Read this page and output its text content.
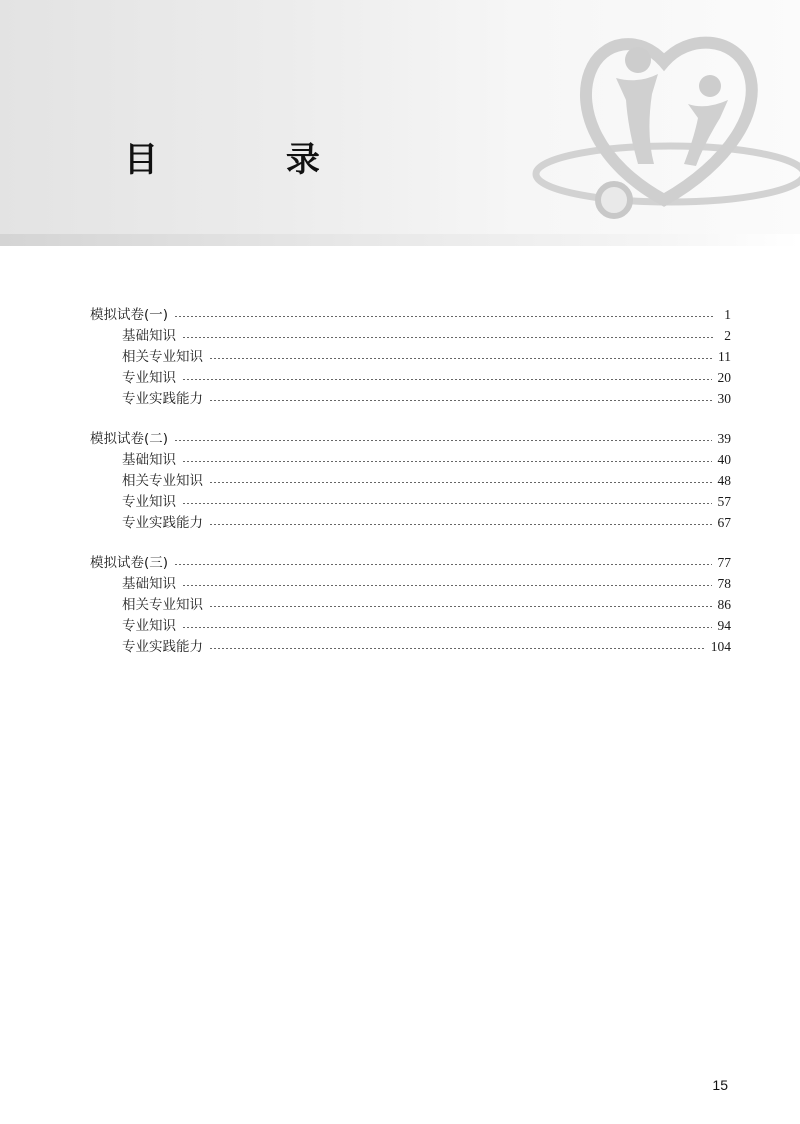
目 录
模拟试卷(一)	1
基础知识	2
相关专业知识	11
专业知识	20
专业实践能力	30
模拟试卷(二)	39
基础知识	40
相关专业知识	48
专业知识	57
专业实践能力	67
模拟试卷(三)	77
基础知识	78
相关专业知识	86
专业知识	94
专业实践能力	104
15
